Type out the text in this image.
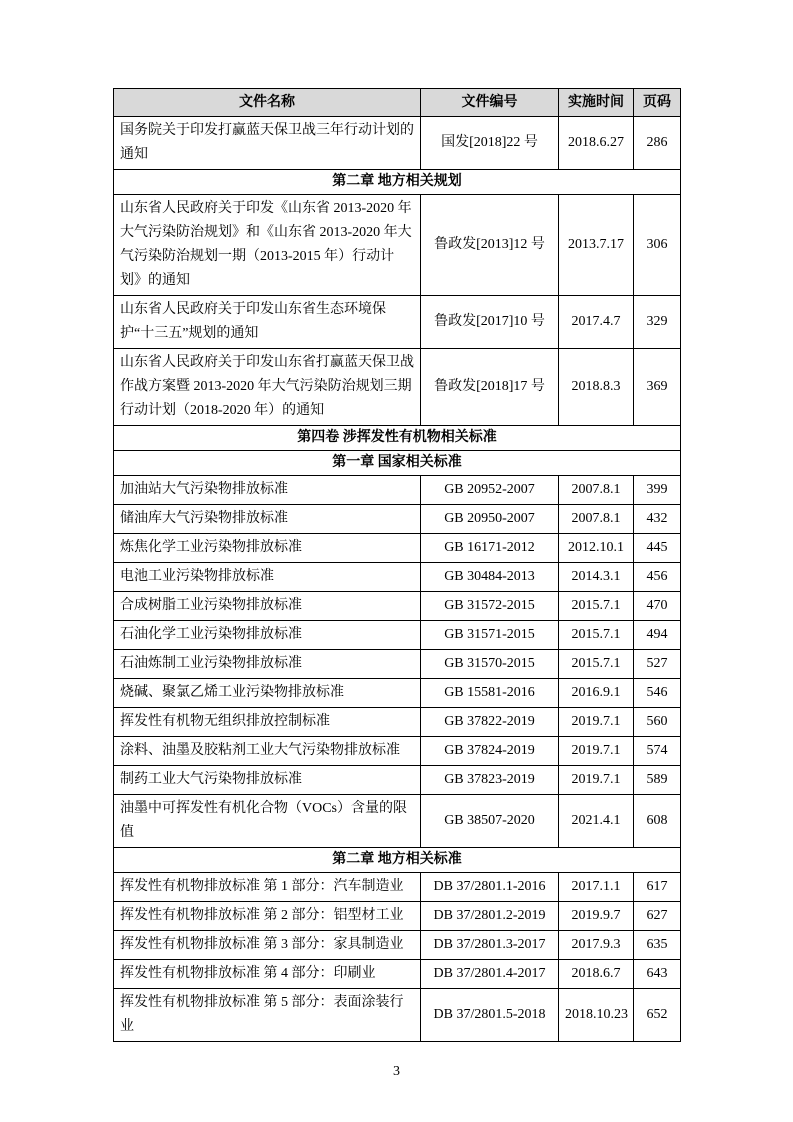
文件名称	文件编号	实施时间	页码
国务院关于印发打赢蓝天保卫战三年行动计划的通知	国发[2018]22 号	2018.6.27	286
第二章 地方相关规划			
山东省人民政府关于印发《山东省 2013-2020 年大气污染防治规划》和《山东省 2013-2020 年大气污染防治规划一期（2013-2015 年）行动计划》的通知	鲁政发[2013]12 号	2013.7.17	306
山东省人民政府关于印发山东省生态环境保护“十三五”规划的通知	鲁政发[2017]10 号	2017.4.7	329
山东省人民政府关于印发山东省打赢蓝天保卫战作战方案暨 2013-2020 年大气污染防治规划三期行动计划（2018-2020 年）的通知	鲁政发[2018]17 号	2018.8.3	369
第四卷 涉挥发性有机物相关标准			
第一章 国家相关标准			
加油站大气污染物排放标准	GB 20952-2007	2007.8.1	399
储油库大气污染物排放标准	GB 20950-2007	2007.8.1	432
炼焦化学工业污染物排放标准	GB 16171-2012	2012.10.1	445
电池工业污染物排放标准	GB 30484-2013	2014.3.1	456
合成树脂工业污染物排放标准	GB 31572-2015	2015.7.1	470
石油化学工业污染物排放标准	GB 31571-2015	2015.7.1	494
石油炼制工业污染物排放标准	GB 31570-2015	2015.7.1	527
烧碱、聚氯乙烯工业污染物排放标准	GB 15581-2016	2016.9.1	546
挥发性有机物无组织排放控制标准	GB 37822-2019	2019.7.1	560
涂料、油墨及胶粘剂工业大气污染物排放标准	GB 37824-2019	2019.7.1	574
制药工业大气污染物排放标准	GB 37823-2019	2019.7.1	589
油墨中可挥发性有机化合物（VOCs）含量的限值	GB 38507-2020	2021.4.1	608
第二章 地方相关标准			
挥发性有机物排放标准 第 1 部分：汽车制造业	DB 37/2801.1-2016	2017.1.1	617
挥发性有机物排放标准 第 2 部分：铝型材工业	DB 37/2801.2-2019	2019.9.7	627
挥发性有机物排放标准 第 3 部分：家具制造业	DB 37/2801.3-2017	2017.9.3	635
挥发性有机物排放标准 第 4 部分：印刷业	DB 37/2801.4-2017	2018.6.7	643
挥发性有机物排放标准 第 5 部分：表面涂装行业	DB 37/2801.5-2018	2018.10.23	652
3
